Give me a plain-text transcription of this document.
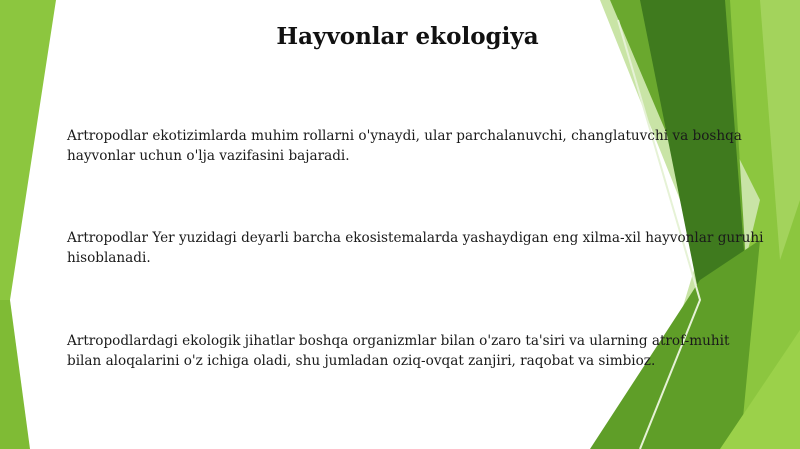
Hayvonlar ekologiya

Artropodlar ekotizimlarda muhim rollarni o'ynaydi, ular parchalanuvchi, changlatuvchi va boshqa hayvonlar uchun o'lja vazifasini bajaradi.

Artropodlar Yer yuzidagi deyarli barcha ekosistemalarda yashaydigan eng xilma-xil hayvonlar guruhi hisoblanadi.

Artropodlardagi ekologik jihatlar boshqa organizmlar bilan o'zaro ta'siri va ularning atrof-muhit bilan aloqalarini o'z ichiga oladi, shu jumladan oziq-ovqat zanjiri, raqobat va simbioz.
